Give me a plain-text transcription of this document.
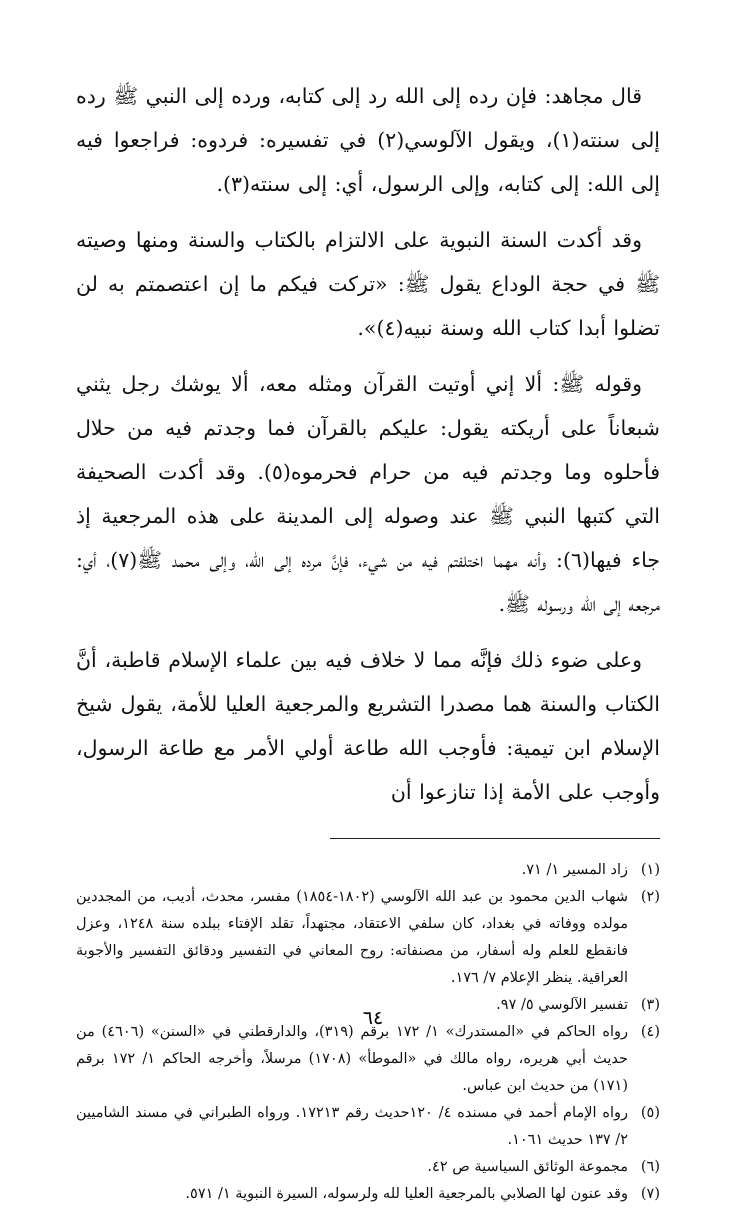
قال مجاهد: فإن رده إلى الله رد إلى كتابه، ورده إلى النبي ﷺ رده إلى سنته(١)، ويقول الآلوسي(٢) في تفسيره: فردوه: فراجعوا فيه إلى الله: إلى كتابه، وإلى الرسول، أي: إلى سنته(٣).

وقد أكدت السنة النبوية على الالتزام بالكتاب والسنة ومنها وصيته ﷺ في حجة الوداع يقول ﷺ: «تركت فيكم ما إن اعتصمتم به لن تضلوا أبدا كتاب الله وسنة نبيه(٤)».

وقوله ﷺ: ألا إني أوتيت القرآن ومثله معه، ألا يوشك رجل يثني شبعاناً على أريكته يقول: عليكم بالقرآن فما وجدتم فيه من حلال فأحلوه وما وجدتم فيه من حرام فحرموه(٥). وقد أكدت الصحيفة التي كتبها النبي ﷺ عند وصوله إلى المدينة على هذه المرجعية إذ جاء فيها(٦): وأنه مهما اختلفتم فيه من شيء، فإنَّ مرده إلى الله، وإلى محمد ﷺ(٧)، أي: مرجعه إلى الله ورسوله ﷺ.

وعلى ضوء ذلك فإنَّه مما لا خلاف فيه بين علماء الإسلام قاطبة، أنَّ الكتاب والسنة هما مصدرا التشريع والمرجعية العليا للأمة، يقول شيخ الإسلام ابن تيمية: فأوجب الله طاعة أولي الأمر مع طاعة الرسول، وأوجب على الأمة إذا تنازعوا أن

(١)
زاد المسير ١/ ٧١.
(٢)
شهاب الدين محمود بن عبد الله الآلوسي (١٨٠٢-١٨٥٤) مفسر، محدث، أديب، من المجددين مولده ووفاته في بغداد، كان سلفي الاعتقاد، مجتهداً، تقلد الإفتاء ببلده سنة ١٢٤٨، وعزل فانقطع للعلم وله أسفار، من مصنفاته: روح المعاني في التفسير ودقائق التفسير والأجوبة العراقية. ينظر الإعلام ٧/ ١٧٦.
(٣)
تفسير الآلوسي ٥/ ٩٧.
(٤)
رواه الحاكم في «المستدرك» ١/ ١٧٢ برقم (٣١٩)، والدارقطني في «السنن» (٤٦٠٦) من حديث أبي هريره، رواه مالك في «الموطأ» (١٧٠٨) مرسلاً، وأخرجه الحاكم ١/ ١٧٢ برقم (١٧١) من حديث ابن عباس.
(٥)
رواه الإمام أحمد في مسنده ٤/ ١٢٠حديث رقم ١٧٢١٣. ورواه الطبراني في مسند الشاميين ٢/ ١٣٧ حديث ١٠٦١.
(٦)
مجموعة الوثائق السياسية ص ٤٢.
(٧)
وقد عنون لها الصلابي بالمرجعية العليا لله ولرسوله، السيرة النبوية ١/ ٥٧١.
٦٤
